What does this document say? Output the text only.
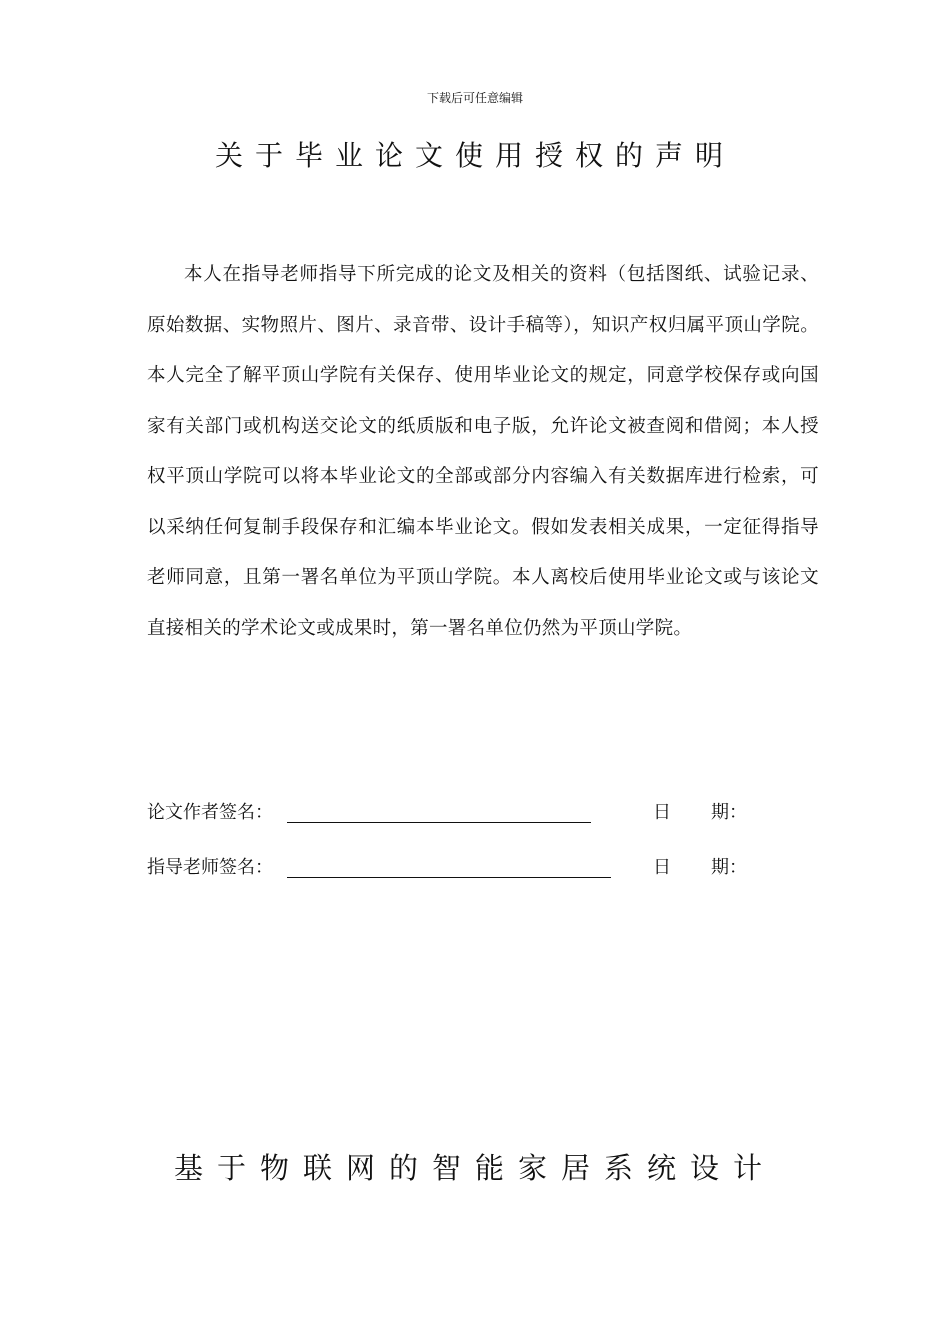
下载后可任意编辑
关于毕业论文使用授权的声明

本人在指导老师指导下所完成的论文及相关的资料（包括图纸、试验记录、原始数据、实物照片、图片、录音带、设计手稿等），知识产权归属平顶山学院。本人完全了解平顶山学院有关保存、使用毕业论文的规定，同意学校保存或向国家有关部门或机构送交论文的纸质版和电子版，允许论文被查阅和借阅；本人授权平顶山学院可以将本毕业论文的全部或部分内容编入有关数据库进行检索，可以采纳任何复制手段保存和汇编本毕业论文。假如发表相关成果，一定征得指导老师同意，且第一署名单位为平顶山学院。本人离校后使用毕业论文或与该论文直接相关的学术论文或成果时，第一署名单位仍然为平顶山学院。

论文作者签名：	日 期：
指导老师签名：	日 期：
基于物联网的智能家居系统设计
